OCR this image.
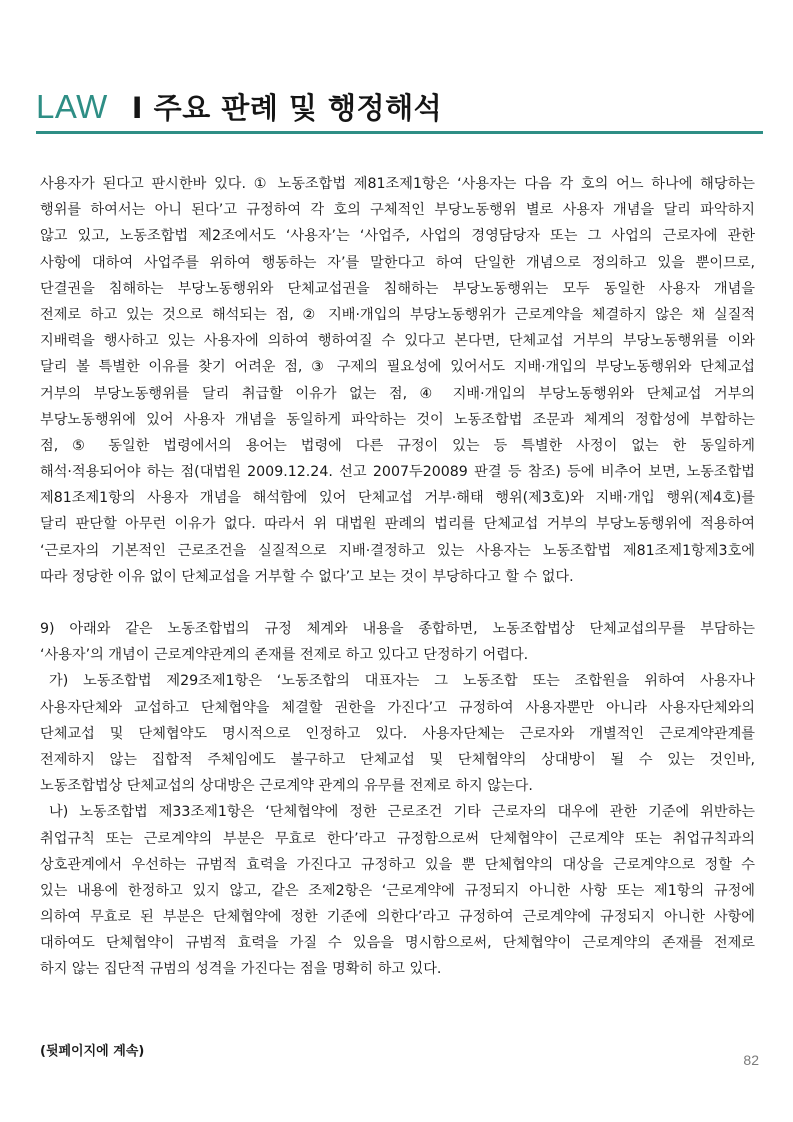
LAW I 주요 판례 및 행정해석
사용자가 된다고 판시한바 있다. ① 노동조합법 제81조제1항은 ‘사용자는 다음 각 호의 어느 하나에 해당하는
행위를 하여서는 아니 된다’고 규정하여 각 호의 구체적인 부당노동행위 별로 사용자 개념을 달리 파악하지
않고 있고, 노동조합법 제2조에서도 ‘사용자’는 ‘사업주, 사업의 경영담당자 또는 그 사업의 근로자에 관한
사항에 대하여 사업주를 위하여 행동하는 자’를 말한다고 하여 단일한 개념으로 정의하고 있을 뿐이므로,
단결권을 침해하는 부당노동행위와 단체교섭권을 침해하는 부당노동행위는 모두 동일한 사용자 개념을
전제로 하고 있는 것으로 해석되는 점, ② 지배·개입의 부당노동행위가 근로계약을 체결하지 않은 채 실질적
지배력을 행사하고 있는 사용자에 의하여 행하여질 수 있다고 본다면, 단체교섭 거부의 부당노동행위를 이와
달리 볼 특별한 이유를 찾기 어려운 점, ③ 구제의 필요성에 있어서도 지배·개입의 부당노동행위와 단체교섭
거부의 부당노동행위를 달리 취급할 이유가 없는 점, ④ 지배·개입의 부당노동행위와 단체교섭 거부의
부당노동행위에 있어 사용자 개념을 동일하게 파악하는 것이 노동조합법 조문과 체계의 정합성에 부합하는
점, ⑤ 동일한 법령에서의 용어는 법령에 다른 규정이 있는 등 특별한 사정이 없는 한 동일하게
해석·적용되어야 하는 점(대법원 2009.12.24. 선고 2007두20089 판결 등 참조) 등에 비추어 보면, 노동조합법
제81조제1항의 사용자 개념을 해석함에 있어 단체교섭 거부·해태 행위(제3호)와 지배·개입 행위(제4호)를
달리 판단할 아무런 이유가 없다. 따라서 위 대법원 판례의 법리를 단체교섭 거부의 부당노동행위에 적용하여
‘근로자의 기본적인 근로조건을 실질적으로 지배·결정하고 있는 사용자는 노동조합법 제81조제1항제3호에
따라 정당한 이유 없이 단체교섭을 거부할 수 없다’고 보는 것이 부당하다고 할 수 없다.
9) 아래와 같은 노동조합법의 규정 체계와 내용을 종합하면, 노동조합법상 단체교섭의무를 부담하는
‘사용자’의 개념이 근로계약관계의 존재를 전제로 하고 있다고 단정하기 어렵다.
가) 노동조합법 제29조제1항은 ‘노동조합의 대표자는 그 노동조합 또는 조합원을 위하여 사용자나
사용자단체와 교섭하고 단체협약을 체결할 권한을 가진다’고 규정하여 사용자뿐만 아니라 사용자단체와의
단체교섭 및 단체협약도 명시적으로 인정하고 있다. 사용자단체는 근로자와 개별적인 근로계약관계를
전제하지 않는 집합적 주체임에도 불구하고 단체교섭 및 단체협약의 상대방이 될 수 있는 것인바,
노동조합법상 단체교섭의 상대방은 근로계약 관계의 유무를 전제로 하지 않는다.
나) 노동조합법 제33조제1항은 ‘단체협약에 정한 근로조건 기타 근로자의 대우에 관한 기준에 위반하는
취업규칙 또는 근로계약의 부분은 무효로 한다’라고 규정함으로써 단체협약이 근로계약 또는 취업규칙과의
상호관계에서 우선하는 규범적 효력을 가진다고 규정하고 있을 뿐 단체협약의 대상을 근로계약으로 정할 수
있는 내용에 한정하고 있지 않고, 같은 조제2항은 ‘근로계약에 규정되지 아니한 사항 또는 제1항의 규정에
의하여 무효로 된 부분은 단체협약에 정한 기준에 의한다’라고 규정하여 근로계약에 규정되지 아니한 사항에
대하여도 단체협약이 규범적 효력을 가질 수 있음을 명시함으로써, 단체협약이 근로계약의 존재를 전제로
하지 않는 집단적 규범의 성격을 가진다는 점을 명확히 하고 있다.
(뒷페이지에 계속)
82
